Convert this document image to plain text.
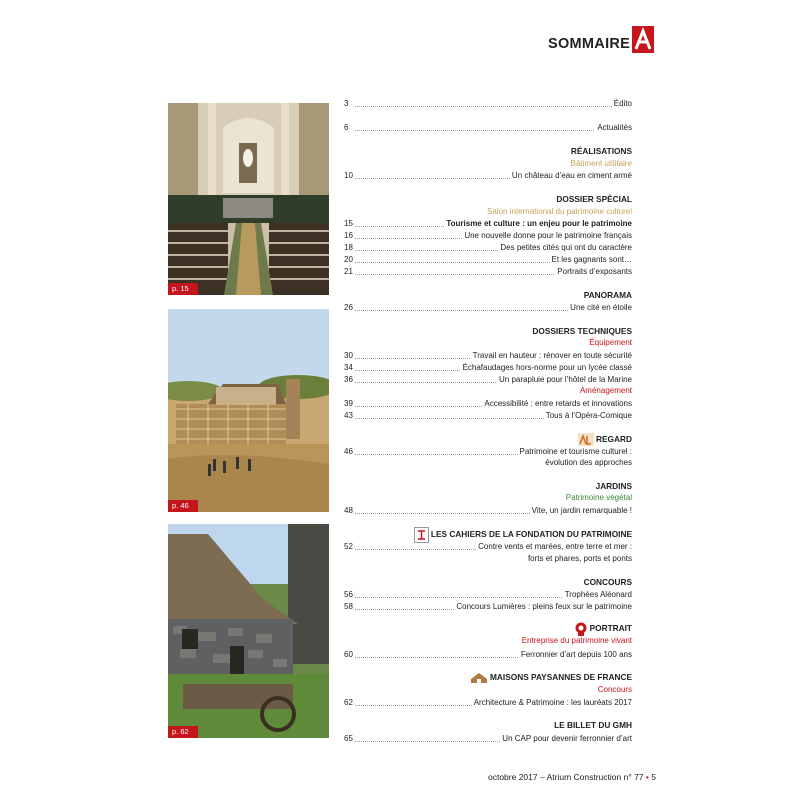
SOMMAIRE
p. 15
p. 46
p. 62
3	Édito
6	Actualités
RÉALISATIONS
Bâtiment utilitaire
10	Un château d’eau en ciment armé
DOSSIER SPÉCIAL
Salon international du patrimoine culturel
15	Tourisme et culture : un enjeu pour le patrimoine
16	Une nouvelle donne pour le patrimoine français
18	Des petites cités qui ont du caractère
20	Et les gagnants sont…
21	Portraits d’exposants
PANORAMA
26	Une cité en étoile
DOSSIERS TECHNIQUES
Équipement
30	Travail en hauteur : rénover en toute sécurité
34	Échafaudages hors-norme pour un lycée classé
36	Un parapluie pour l’hôtel de la Marine
Aménagement
39	Accessibilité : entre retards et innovations
43	Tous à l’Opéra-Comique
REGARD
46	Patrimoine et tourisme culturel :
évolution des approches
JARDINS
Patrimoine végétal
48	Vite, un jardin remarquable !
LES CAHIERS DE LA FONDATION DU PATRIMOINE
52	Contre vents et marées, entre terre et mer :
forts et phares, ports et ponts
CONCOURS
56	Trophées Aléonard
58	Concours Lumières : pleins feux sur le patrimoine
PORTRAIT
Entreprise du patrimoine vivant
60	Ferronnier d’art depuis 100 ans
MAISONS PAYSANNES DE FRANCE
Concours
62	Architecture & Patrimoine : les lauréats 2017
LE BILLET DU GMH
65	Un CAP pour devenir ferronnier d’art
octobre 2017 – Atrium Construction n° 77 • 5
